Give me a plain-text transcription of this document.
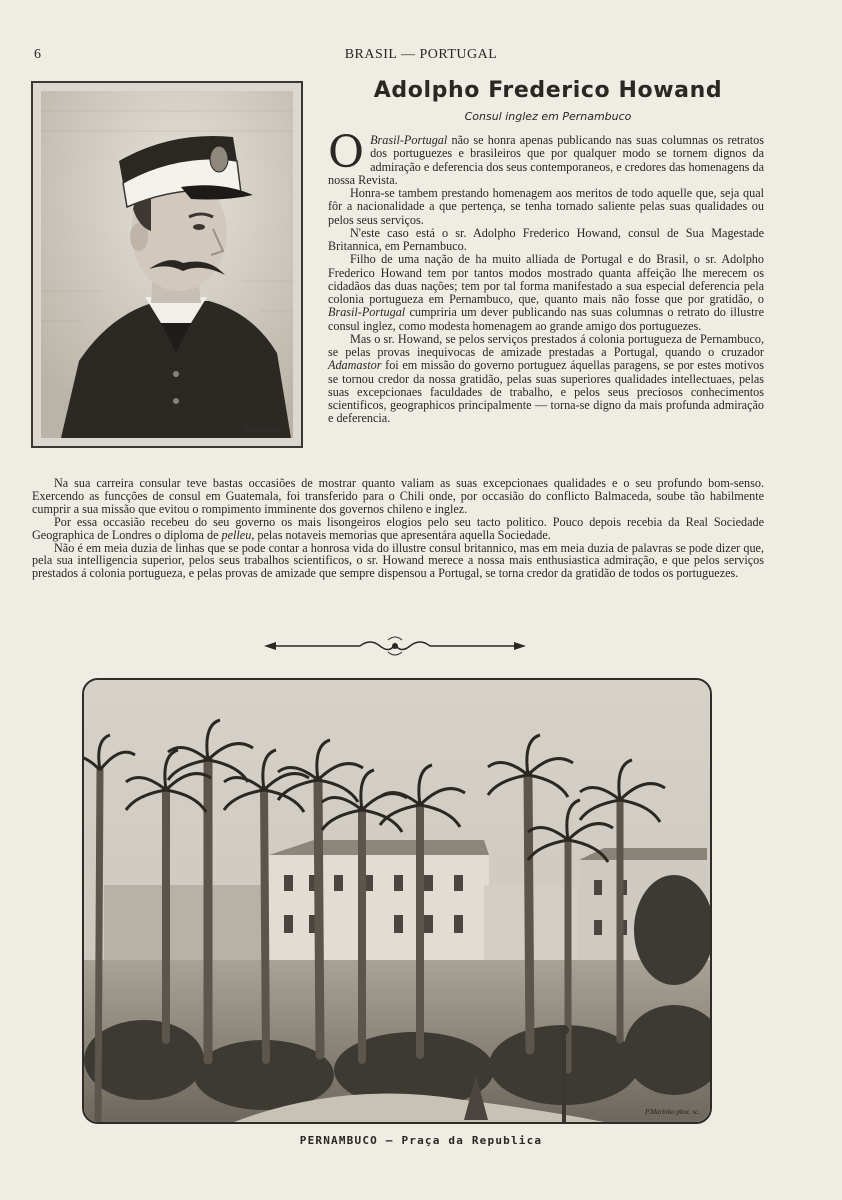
6	BRASIL — PORTUGAL
P.Marinho sc
Adolpho Frederico Howand
Consul inglez em Pernambuco

O Brasil-Portugal não se honra apenas publicando nas suas columnas os retratos dos portuguezes e brasileiros que por qualquer modo se tornem dignos da admiração e deferencia dos seus contemporaneos, e credores das homenagens da nossa Revista.

Honra-se tambem prestando homenagem aos meritos de todo aquelle que, seja qual fôr a nacionalidade a que pertença, se tenha tornado saliente pelas suas qualidades ou pelos seus serviços.

N'este caso está o sr. Adolpho Frederico Howand, consul de Sua Magestade Britannica, em Pernambuco.

Filho de uma nação de ha muito alliada de Portugal e do Brasil, o sr. Adolpho Frederico Howand tem por tantos modos mostrado quanta affeição lhe merecem os cidadãos das duas nações; tem por tal forma manifestado a sua especial deferencia pela colonia portugueza em Pernambuco, que, quanto mais não fosse que por gratidão, o Brasil-Portugal cumpriria um dever publicando nas suas columnas o retrato do illustre consul inglez, como modesta homenagem ao grande amigo dos portuguezes.

Mas o sr. Howand, se pelos serviços prestados á colonia portugueza de Pernambuco, se pelas provas inequivocas de amizade prestadas a Portugal, quando o cruzador Adamastor foi em missão do governo portuguez áquellas paragens, se por estes motivos se tornou credor da nossa gratidão, pelas suas superiores qualidades intellectuaes, pelas suas excepcionaes faculdades de trabalho, e pelos seus preciosos conhecimentos scientificos, geographicos principalmente — torna-se digno da mais profunda admiração e deferencia.

Na sua carreira consular teve bastas occasiões de mostrar quanto valiam as suas excepcionaes qualidades e o seu profundo bom-senso. Exercendo as funcções de consul em Guatemala, foi transferido para o Chili onde, por occasião do conflicto Balmaceda, soube tão habilmente cumprir a sua missão que evitou o rompimento imminente dos governos chileno e inglez.

Por essa occasião recebeu do seu governo os mais lisongeiros elogios pelo seu tacto politico. Pouco depois recebia da Real Sociedade Geographica de Londres o diploma de pelleu, pelas notaveis memorias que apresentára aquella Sociedade.

Não é em meia duzia de linhas que se pode contar a honrosa vida do illustre consul britannico, mas em meia duzia de palavras se pode dizer que, pela sua intelligencia superior, pelos seus trabalhos scientificos, o sr. Howand merece a nossa mais enthusiastica admiração, e que pelos serviços prestados á colonia portugueza, e pelas provas de amizade que sempre dispensou a Portugal, se torna credor da gratidão de todos os portuguezes.

P.Marinho phot. sc.
PERNAMBUCO — Praça da Republica
